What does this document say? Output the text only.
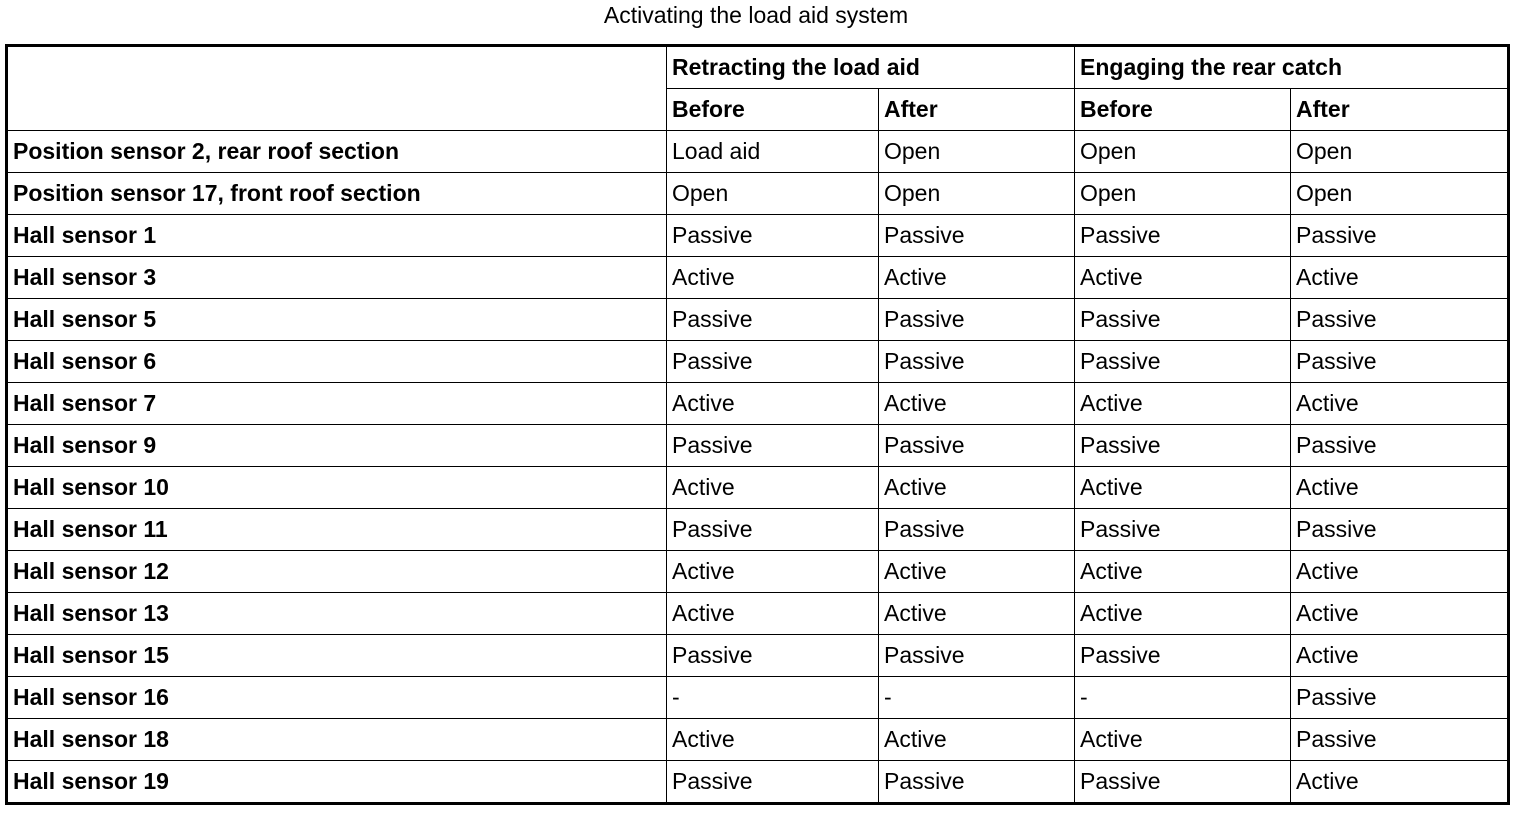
Activating the load aid system
	Retracting the load aid		Engaging the rear catch	
	Before	After	Before	After
Position sensor 2, rear roof section	Load aid	Open	Open	Open
Position sensor 17, front roof section	Open	Open	Open	Open
Hall sensor 1	Passive	Passive	Passive	Passive
Hall sensor 3	Active	Active	Active	Active
Hall sensor 5	Passive	Passive	Passive	Passive
Hall sensor 6	Passive	Passive	Passive	Passive
Hall sensor 7	Active	Active	Active	Active
Hall sensor 9	Passive	Passive	Passive	Passive
Hall sensor 10	Active	Active	Active	Active
Hall sensor 11	Passive	Passive	Passive	Passive
Hall sensor 12	Active	Active	Active	Active
Hall sensor 13	Active	Active	Active	Active
Hall sensor 15	Passive	Passive	Passive	Active
Hall sensor 16	-	-	-	Passive
Hall sensor 18	Active	Active	Active	Passive
Hall sensor 19	Passive	Passive	Passive	Active
